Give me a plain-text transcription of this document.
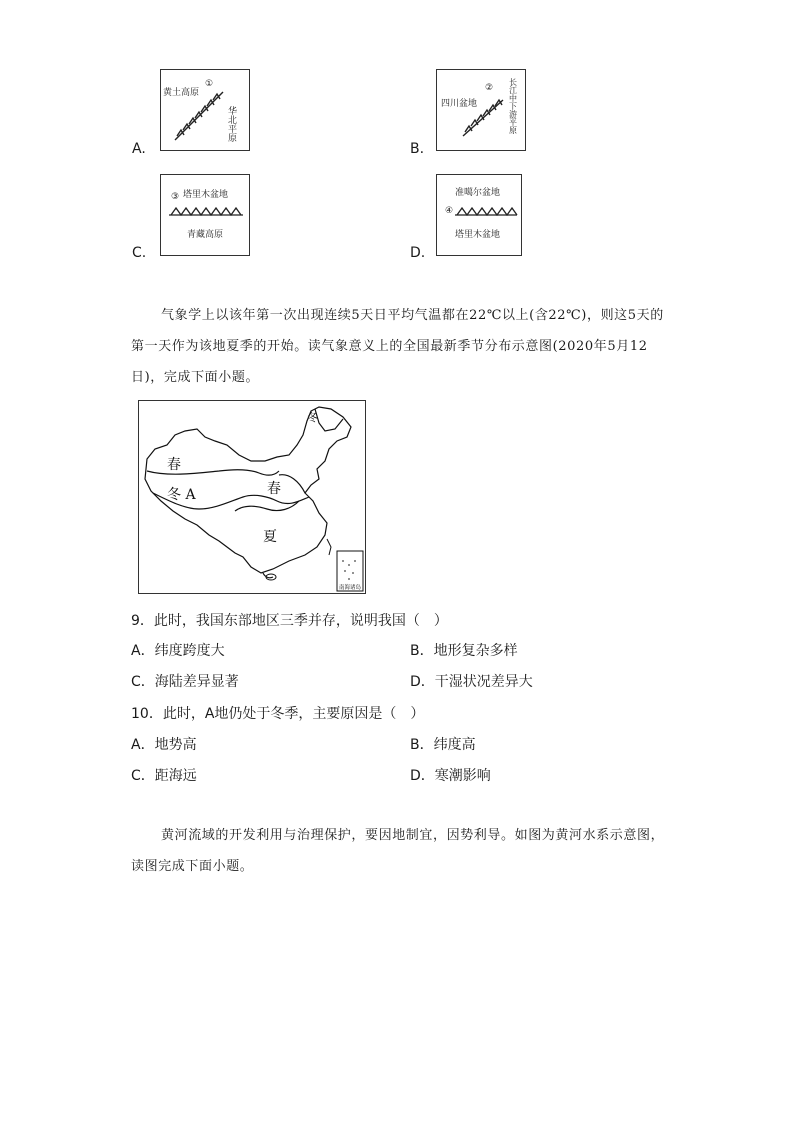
A.
黄土高原
①
华北平原
B.
四川盆地
② 长江中下游平原
C.
③ 塔里木盆地
青藏高原
D.
准噶尔盆地
④
塔里木盆地
气象学上以该年第一次出现连续5天日平均气温都在22℃以上(含22℃)，则这5天的第一天作为该地夏季的开始。读气象意义上的全国最新季节分布示意图(2020年5月12日)，完成下面小题。
春
冬 A	春
夏
冬
南海诸岛
9．此时，我国东部地区三季并存，说明我国（　）
A．纬度跨度大	B．地形复杂多样
C．海陆差异显著	D．干湿状况差异大
10．此时，A地仍处于冬季，主要原因是（　）
A．地势高	B．纬度高
C．距海远	D．寒潮影响
黄河流域的开发利用与治理保护，要因地制宜，因势利导。如图为黄河水系示意图，读图完成下面小题。
